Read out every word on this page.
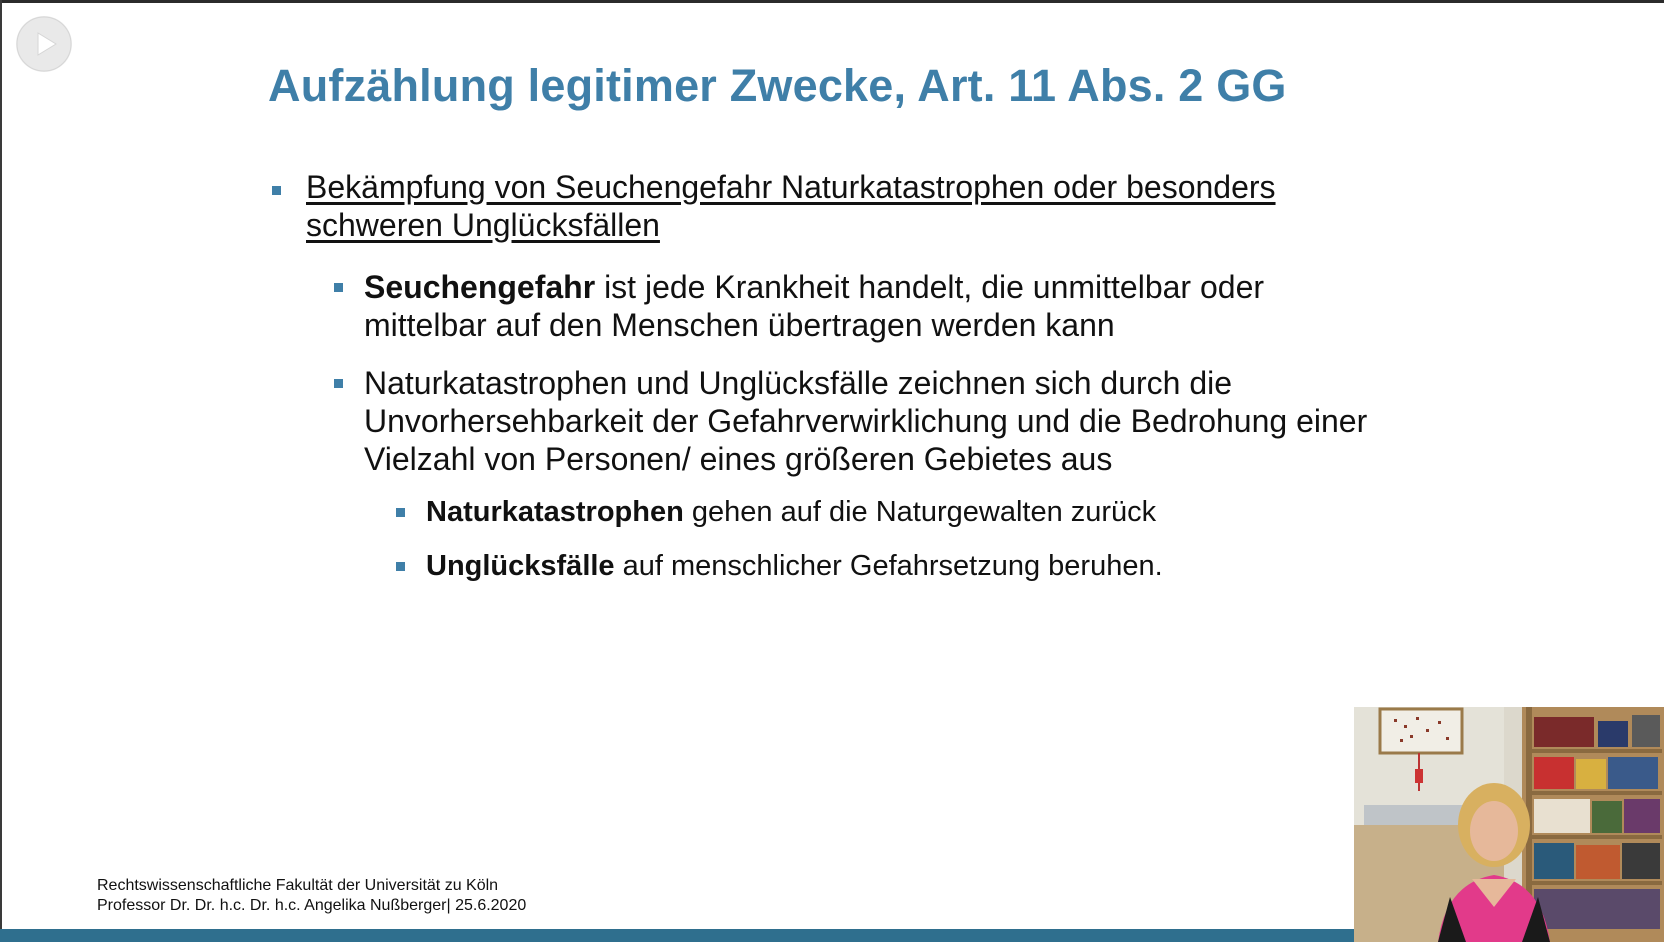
Aufzählung legitimer Zwecke, Art. 11 Abs. 2 GG

Bekämpfung von Seuchengefahr Naturkatastrophen oder besonders schweren Unglücksfällen

Seuchengefahr ist jede Krankheit handelt, die unmittelbar oder mittelbar auf den Menschen übertragen werden kann

Naturkatastrophen und Unglücksfälle zeichnen sich durch die Unvorhersehbarkeit der Gefahrverwirklichung und die Bedrohung einer Vielzahl von Personen/ eines größeren Gebietes aus

Naturkatastrophen gehen auf die Naturgewalten zurück

Unglücksfälle auf menschlicher Gefahrsetzung beruhen.

Rechtswissenschaftliche Fakultät der Universität zu Köln
Professor Dr. Dr. h.c. Dr. h.c. Angelika Nußberger| 25.6.2020
